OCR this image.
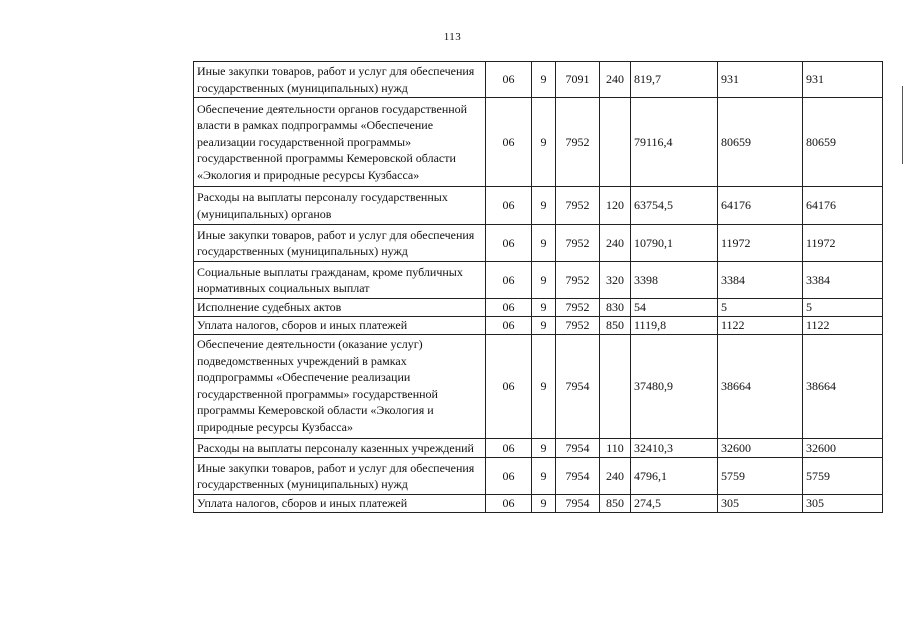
113
Иные закупки товаров, работ и услуг для обеспечения государственных (муниципальных) нужд	06	9	7091	240	819,7	931	931
Обеспечение деятельности органов государственной власти в рамках подпрограммы «Обеспечение реализации государственной программы» государственной программы Кемеровской области «Экология и природные ресурсы Кузбасса»	06	9	7952		79116,4	80659	80659
Расходы на выплаты персоналу государственных (муниципальных) органов	06	9	7952	120	63754,5	64176	64176
Иные закупки товаров, работ и услуг для обеспечения государственных (муниципальных) нужд	06	9	7952	240	10790,1	11972	11972
Социальные выплаты гражданам, кроме публичных нормативных социальных выплат	06	9	7952	320	3398	3384	3384
Исполнение судебных актов	06	9	7952	830	54	5	5
Уплата налогов, сборов и иных платежей	06	9	7952	850	1119,8	1122	1122
Обеспечение деятельности (оказание услуг) подведомственных учреждений в рамках подпрограммы «Обеспечение реализации государственной программы» государственной программы Кемеровской области «Экология и природные ресурсы Кузбасса»	06	9	7954		37480,9	38664	38664
Расходы на выплаты персоналу казенных учреждений	06	9	7954	110	32410,3	32600	32600
Иные закупки товаров, работ и услуг для обеспечения государственных (муниципальных) нужд	06	9	7954	240	4796,1	5759	5759
Уплата налогов, сборов и иных платежей	06	9	7954	850	274,5	305	305
